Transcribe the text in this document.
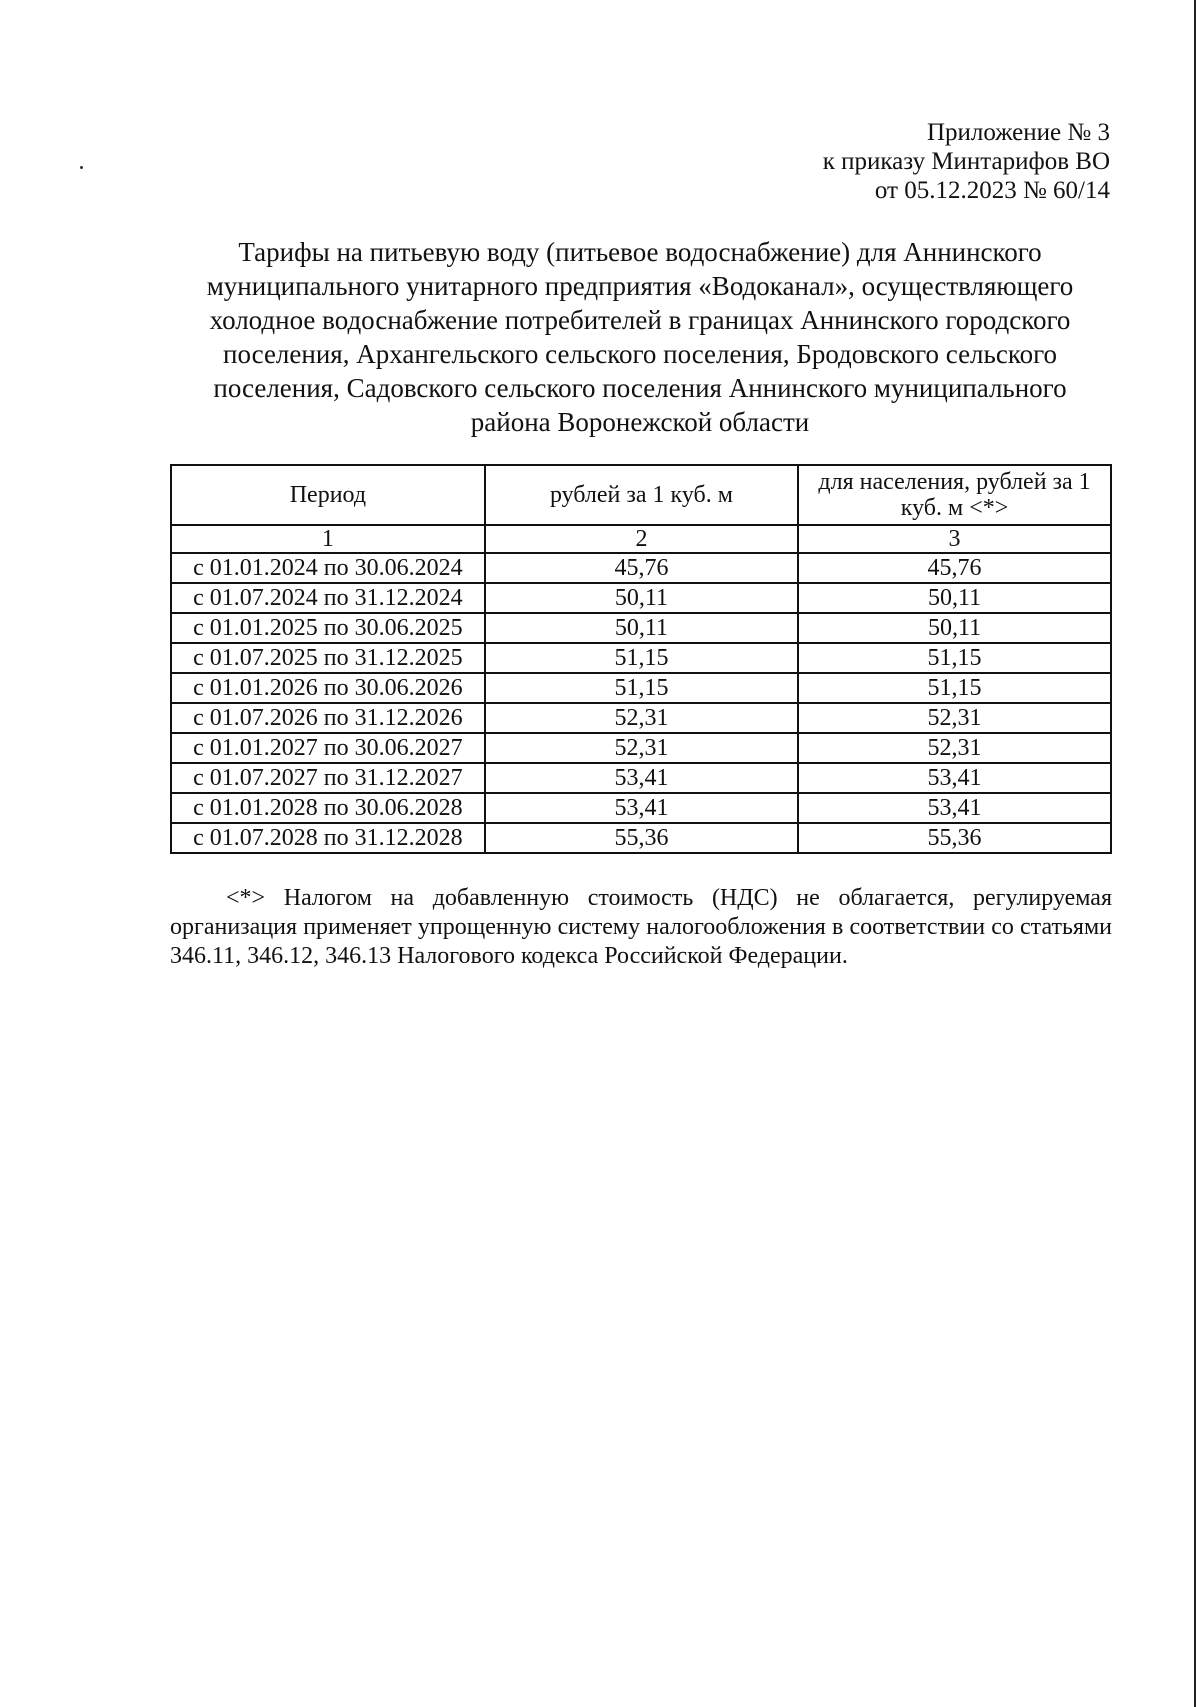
Приложение № 3
к приказу Минтарифов ВО
от 05.12.2023 № 60/14
Тарифы на питьевую воду (питьевое водоснабжение) для Аннинского
муниципального унитарного предприятия «Водоканал», осуществляющего
холодное водоснабжение потребителей в границах Аннинского городского
поселения, Архангельского сельского поселения, Бродовского сельского
поселения, Садовского сельского поселения Аннинского муниципального
района Воронежской области
Период	рублей за 1 куб. м	для населения, рублей за 1 куб. м <*>
1	2	3
с 01.01.2024 по 30.06.2024	45,76	45,76
с 01.07.2024 по 31.12.2024	50,11	50,11
с 01.01.2025 по 30.06.2025	50,11	50,11
с 01.07.2025 по 31.12.2025	51,15	51,15
с 01.01.2026 по 30.06.2026	51,15	51,15
с 01.07.2026 по 31.12.2026	52,31	52,31
с 01.01.2027 по 30.06.2027	52,31	52,31
с 01.07.2027 по 31.12.2027	53,41	53,41
с 01.01.2028 по 30.06.2028	53,41	53,41
с 01.07.2028 по 31.12.2028	55,36	55,36
<*> Налогом на добавленную стоимость (НДС) не облагается, регулируемая организация применяет упрощенную систему налогообложения в соответствии со статьями 346.11, 346.12, 346.13 Налогового кодекса Российской Федерации.
